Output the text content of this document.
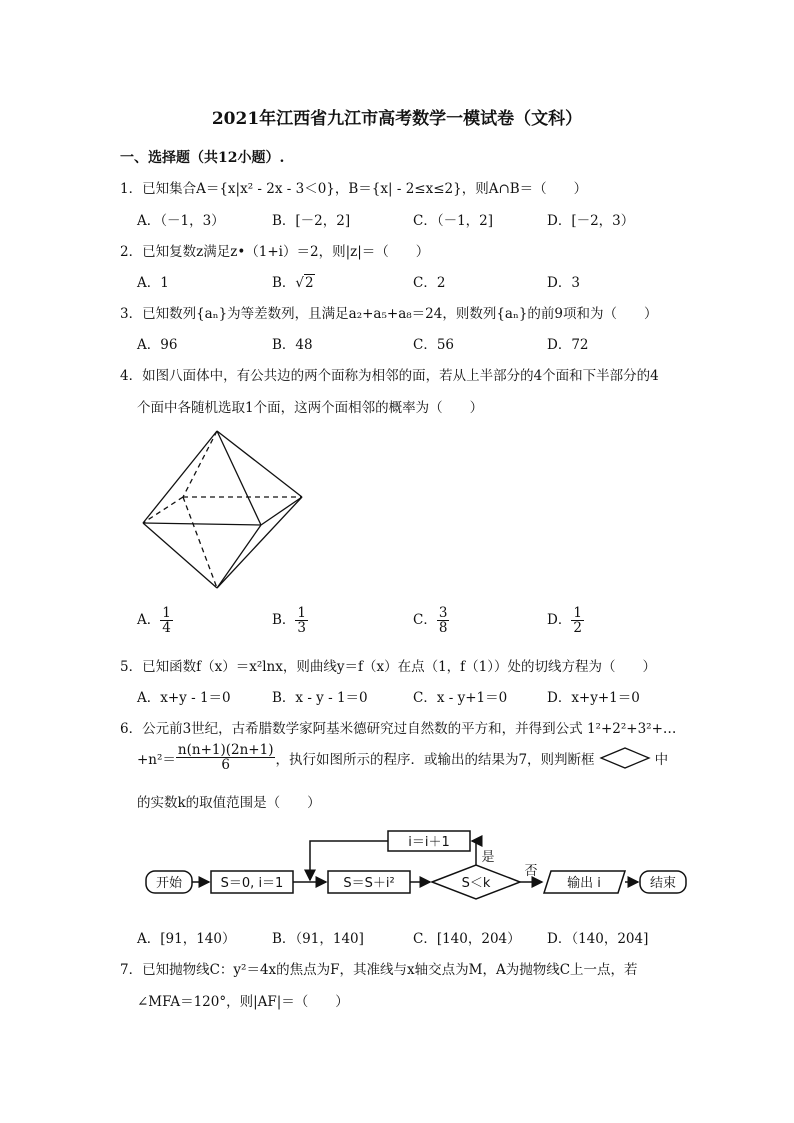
2021年江西省九江市高考数学一模试卷（文科）
一、选择题（共12小题）.
1．已知集合A＝{x|x² - 2x - 3＜0}，B＝{x| - 2≤x≤2}，则A∩B＝（　　）
A．（－1，3）	B．[－2，2]	C．（－1，2]	D．[－2，3）
2．已知复数z满足z•（1+i）＝2，则|z|＝（　　）
A．1	B．√2	C．2	D．3
3．已知数列{aₙ}为等差数列，且满足a₂+a₅+a₈＝24，则数列{aₙ}的前9项和为（　　）
A．96	B．48	C．56	D．72
4．如图八面体中，有公共边的两个面称为相邻的面，若从上半部分的4个面和下半部分的4
个面中各随机选取1个面，这两个面相邻的概率为（　　）
A． $\frac{1}{4}$	B． $\frac{1}{3}$	C． $\frac{3}{8}$	D． $\frac{1}{2}$
5．已知函数f（x）＝x²lnx，则曲线y＝f（x）在点（1，f（1））处的切线方程为（　　）
A．x+y - 1＝0	B．x - y - 1＝0	C．x - y+1＝0	D．x+y+1＝0
6．公元前3世纪，古希腊数学家阿基米德研究过自然数的平方和，并得到公式 1²+2²+3²+…
$+n^2= \frac{n(n+1)(2n+1)}{6}$ ，执行如图所示的程序．或输出的结果为7，则判断框	中
的实数k的取值范围是（　　）
开始	S＝0, i＝1	S＝S＋i²	S＜k
i＝i＋1
输出 i	结束
是
否
A．[91，140）	B．（91，140]	C．[140，204） D．（140，204]
7．已知抛物线C：y²＝4x的焦点为F，其准线与x轴交点为M，A为抛物线C上一点，若
∠MFA＝120°，则|AF|＝（　　）
